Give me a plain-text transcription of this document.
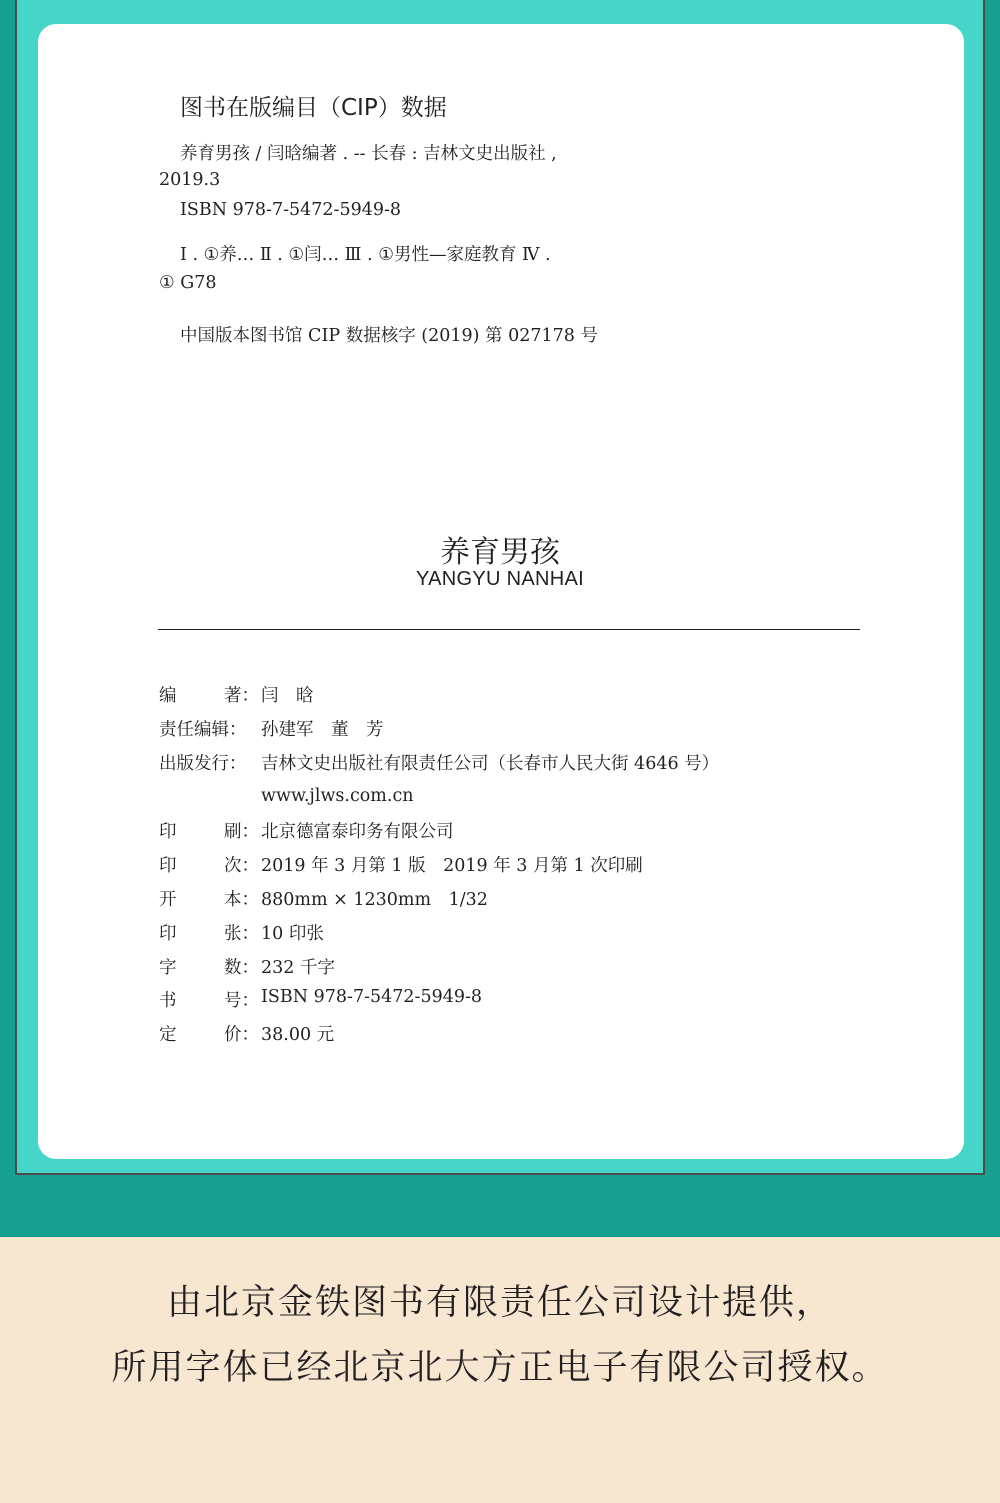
图书在版编目（CIP）数据
养育男孩 / 闫晗编著 . -- 长春 : 吉林文史出版社 ,
2019.3
ISBN 978-7-5472-5949-8
Ⅰ . ①养… Ⅱ . ①闫… Ⅲ . ①男性—家庭教育 Ⅳ .
① G78
中国版本图书馆 CIP 数据核字 (2019) 第 027178 号
养育男孩
YANGYU NANHAI
编	著： 闫　晗
责任编辑： 孙建军　董　芳
出版发行： 吉林文史出版社有限责任公司（长春市人民大街 4646 号）
www.jlws.com.cn
印	刷： 北京德富泰印务有限公司
印	次： 2019 年 3 月第 1 版　2019 年 3 月第 1 次印刷
开	本： 880mm × 1230mm　1/32
印	张： 10 印张
字	数： 232 千字
书	号： ISBN 978-7-5472-5949-8
定	价： 38.00 元
由北京金铁图书有限责任公司设计提供，
所用字体已经北京北大方正电子有限公司授权。
